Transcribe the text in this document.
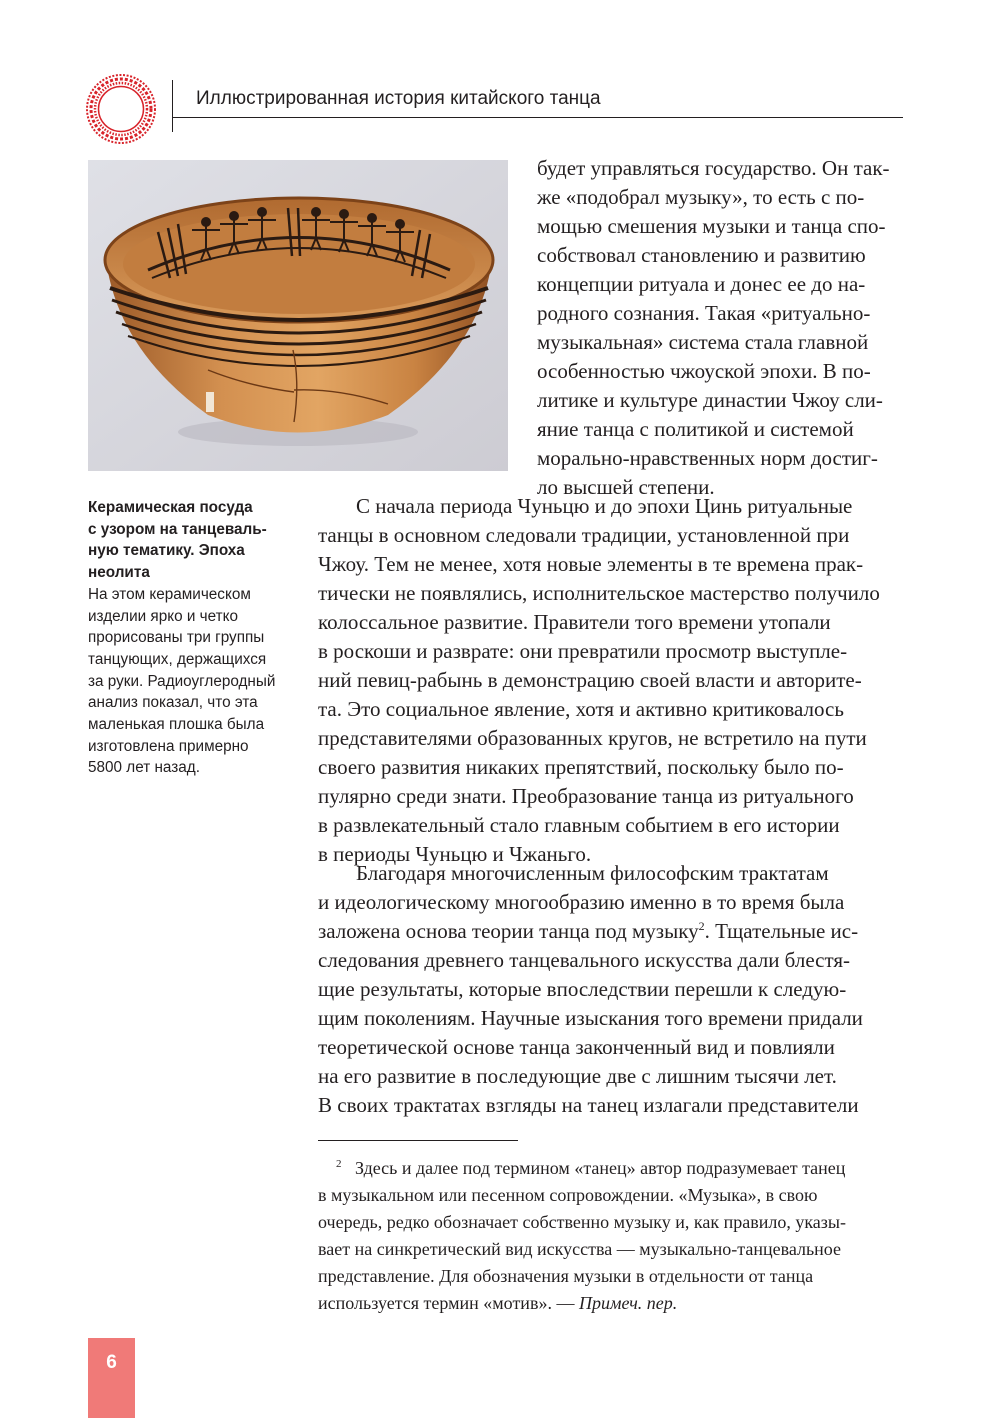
Иллюстрированная история китайского танца
Керамическая посуда
с узором на танцеваль-
ную тематику. Эпоха
неолита
На этом керамическом
изделии ярко и четко
прорисованы три группы
танцующих, держащихся
за руки. Радиоуглеродный
анализ показал, что эта
маленькая плошка была
изготовлена примерно
5800 лет назад.
будет управляться государство. Он так-
же «подобрал музыку», то есть с по-
мощью смешения музыки и танца спо-
собствовал становлению и развитию
концепции ритуала и донес ее до на-
родного сознания. Такая «ритуально-
музыкальная» система стала главной
особенностью чжоуской эпохи. В по-
литике и культуре династии Чжоу сли-
яние танца с политикой и системой
морально-нравственных норм достиг-
ло высшей степени.
С начала периода Чуньцю и до эпохи Цинь ритуальные
танцы в основном следовали традиции, установленной при
Чжоу. Тем не менее, хотя новые элементы в те времена прак-
тически не появлялись, исполнительское мастерство получило
колоссальное развитие. Правители того времени утопали
в роскоши и разврате: они превратили просмотр выступле-
ний певиц-рабынь в демонстрацию своей власти и авторите-
та. Это социальное явление, хотя и активно критиковалось
представителями образованных кругов, не встретило на пути
своего развития никаких препятствий, поскольку было по-
пулярно среди знати. Преобразование танца из ритуального
в развлекательный стало главным событием в его истории
в периоды Чуньцю и Чжаньго.
Благодаря многочисленным философским трактатам
и идеологическому многообразию именно в то время была
заложена основа теории танца под музыку$^2$. Тщательные ис-
следования древнего танцевального искусства дали блестя-
щие результаты, которые впоследствии перешли к следую-
щим поколениям. Научные изыскания того времени придали
теоретической основе танца законченный вид и повлияли
на его развитие в последующие две с лишним тысячи лет.
В своих трактатах взгляды на танец излагали представители
$^2$ Здесь и далее под термином «танец» автор подразумевает танец
в музыкальном или песенном сопровождении. «Музыка», в свою
очередь, редко обозначает собственно музыку и, как правило, указы-
вает на синкретический вид искусства — музыкально-танцевальное
представление. Для обозначения музыки в отдельности от танца
используется термин «мотив». — Примеч. пер.
6
